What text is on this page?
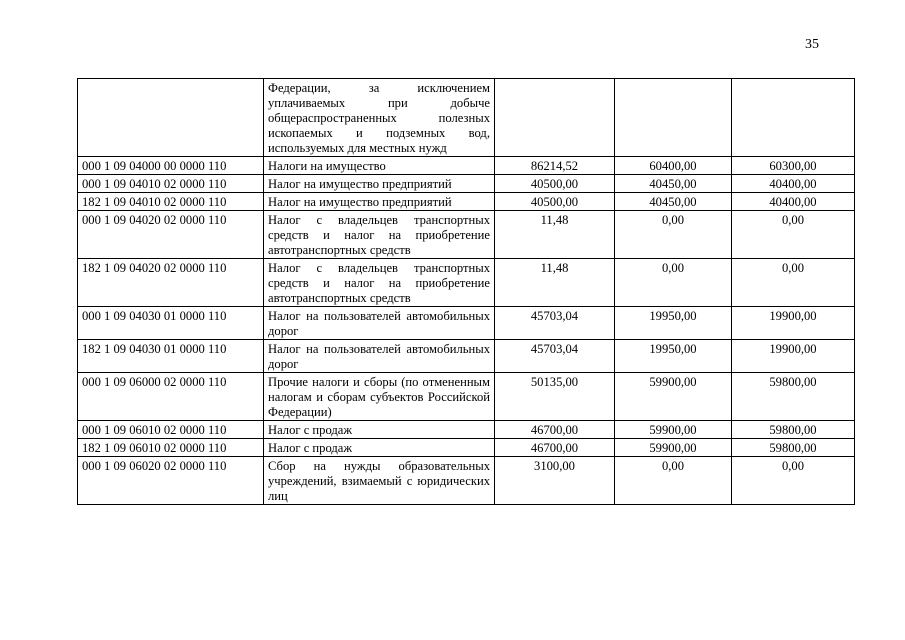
35
	Федерации, за исключением уплачиваемых при добыче общераспространенных полезных ископаемых и подземных вод, используемых для местных нужд			
000 1 09 04000 00 0000 110	Налоги на имущество	86214,52	60400,00	60300,00
000 1 09 04010 02 0000 110	Налог на имущество предприятий	40500,00	40450,00	40400,00
182 1 09 04010 02 0000 110	Налог на имущество предприятий	40500,00	40450,00	40400,00
000 1 09 04020 02 0000 110	Налог с владельцев транспортных средств и налог на приобретение автотранспортных средств	11,48	0,00	0,00
182 1 09 04020 02 0000 110	Налог с владельцев транспортных средств и налог на приобретение автотранспортных средств	11,48	0,00	0,00
000 1 09 04030 01 0000 110	Налог на пользователей автомобильных дорог	45703,04	19950,00	19900,00
182 1 09 04030 01 0000 110	Налог на пользователей автомобильных дорог	45703,04	19950,00	19900,00
000 1 09 06000 02 0000 110	Прочие налоги и сборы (по отмененным налогам и сборам субъектов Российской Федерации)	50135,00	59900,00	59800,00
000 1 09 06010 02 0000 110	Налог с продаж	46700,00	59900,00	59800,00
182 1 09 06010 02 0000 110	Налог с продаж	46700,00	59900,00	59800,00
000 1 09 06020 02 0000 110	Сбор на нужды образовательных учреждений, взимаемый с юридических лиц	3100,00	0,00	0,00
